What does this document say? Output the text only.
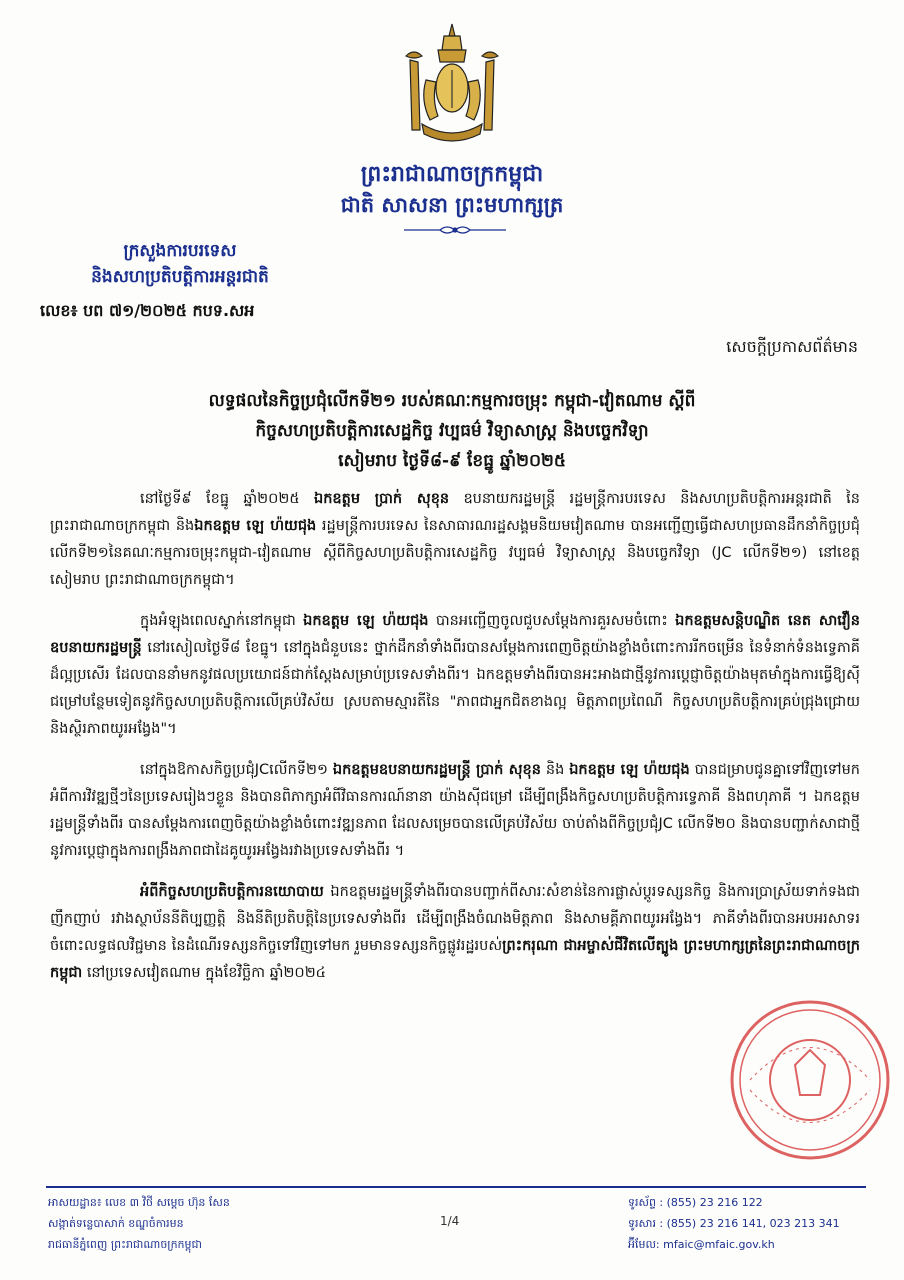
ព្រះរាជាណាចក្រកម្ពុជា
ជាតិ សាសនា ព្រះមហាក្សត្រ
ក្រសួងការបរទេស
និងសហប្រតិបត្តិការអន្តរជាតិ
លេខ៖ បព ៧១/២០២៥ កបទ.សអ
សេចក្តីប្រកាសព័ត៌មាន
លទ្ធផលនៃកិច្ចប្រជុំលើកទី២១ របស់គណៈកម្មការចម្រុះ កម្ពុជា-វៀតណាម ស្តីពី
កិច្ចសហប្រតិបត្តិការសេដ្ឋកិច្ច វប្បធម៌ វិទ្យាសាស្ត្រ និងបច្ចេកវិទ្យា
សៀមរាប ថ្ងៃទី៨-៩ ខែធ្នូ ឆ្នាំ២០២៥

នៅថ្ងៃទី៩ ខែធ្នូ ឆ្នាំ២០២៥ ឯកឧត្តម ប្រាក់ សុខុន ឧបនាយករដ្ឋមន្ត្រី រដ្ឋមន្ត្រីការបរទេស និងសហប្រតិបត្តិការអន្តរជាតិ នៃព្រះរាជាណាចក្រកម្ពុជា និងឯកឧត្តម ឡេ ហ៉យជុង រដ្ឋមន្ត្រីការបរទេស នៃសាធារណរដ្ឋសង្គមនិយមវៀតណាម បានអញ្ជើញធ្វើជាសហប្រធានដឹកនាំកិច្ចប្រជុំលើកទី២១នៃគណៈកម្មការចម្រុះកម្ពុជា-វៀតណាម ស្តីពីកិច្ចសហប្រតិបត្តិការសេដ្ឋកិច្ច វប្បធម៌ វិទ្យាសាស្ត្រ និងបច្ចេកវិទ្យា (JC លើកទី២១) នៅខេត្តសៀមរាប ព្រះរាជាណាចក្រកម្ពុជា។

ក្នុងអំឡុងពេលស្នាក់នៅកម្ពុជា ឯកឧត្តម ឡេ ហ៉យជុង បានអញ្ជើញចូលជួបសម្តែងការគួរសមចំពោះ ឯកឧត្តមសន្តិបណ្ឌិត នេត សាវឿន ឧបនាយករដ្ឋមន្ត្រី នៅរសៀលថ្ងៃទី៨ ខែធ្នូ។ នៅក្នុងជំនួបនេះ ថ្នាក់ដឹកនាំទាំងពីរបានសម្តែងការពេញចិត្តយ៉ាងខ្លាំងចំពោះការរីកចម្រើន នៃទំនាក់ទំនងទ្វេភាគីដ៏ល្អប្រសើរ ដែលបាននាំមកនូវផលប្រយោជន៍ជាក់ស្តែងសម្រាប់ប្រទេសទាំងពីរ។ ឯកឧត្តមទាំងពីរបានអះអាងជាថ្មីនូវការប្តេជ្ញាចិត្តយ៉ាងមុតមាំក្នុងការធ្វើឱ្យស៊ីជម្រៅបន្ថែមទៀតនូវកិច្ចសហប្រតិបត្តិការលើគ្រប់វិស័យ ស្របតាមស្មារតីនៃ "ភាពជាអ្នកជិតខាងល្អ មិត្តភាពប្រពៃណី កិច្ចសហប្រតិបត្តិការគ្រប់ជ្រុងជ្រោយ និងស្ថិរភាពយូរអង្វែង"។

នៅក្នុងឱកាសកិច្ចប្រជុំJCលើកទី២១ ឯកឧត្តមឧបនាយករដ្ឋមន្ត្រី ប្រាក់ សុខុន និង ឯកឧត្តម ឡេ ហ៉យជុង បានជម្រាបជូនគ្នាទៅវិញទៅមកអំពីការវិវឌ្ឍថ្មីៗនៃប្រទេសរៀងៗខ្លួន និងបានពិភាក្សាអំពីវិធានការណ៍នានា យ៉ាងស៊ីជម្រៅ ដើម្បីពង្រឹងកិច្ចសហប្រតិបត្តិការទ្វេភាគី និងពហុភាគី ។ ឯកឧត្តម រដ្ឋមន្ត្រីទាំងពីរ បានសម្តែងការពេញចិត្តយ៉ាងខ្លាំងចំពោះវឌ្ឍនភាព ដែលសម្រេចបានលើគ្រប់វិស័យ ចាប់តាំងពីកិច្ចប្រជុំJC លើកទី២០ និងបានបញ្ជាក់សាជាថ្មីនូវការប្តេជ្ញាក្នុងការពង្រឹងភាពជាដៃគូយូរអង្វែងរវាងប្រទេសទាំងពីរ ។

អំពីកិច្ចសហប្រតិបត្តិការនយោបាយ ឯកឧត្តមរដ្ឋមន្ត្រីទាំងពីរបានបញ្ជាក់ពីសារៈសំខាន់នៃការផ្លាស់ប្តូរទស្សនកិច្ច និងការប្រាស្រ័យទាក់ទងជាញឹកញាប់ រវាងស្ថាប័ននីតិប្បញ្ញត្តិ និងនីតិប្រតិបត្តិនៃប្រទេសទាំងពីរ ដើម្បីពង្រឹងចំណងមិត្តភាព និងសាមគ្គីភាពយូរអង្វែង។ ភាគីទាំងពីរបានអបអរសាទរចំពោះលទ្ធផលវិជ្ជមាន នៃដំណើរទស្សនកិច្ចទៅវិញទៅមក រួមមានទស្សនកិច្ចផ្លូវរដ្ឋរបស់ព្រះករុណា ជាអម្ចាស់ជីវិតលើត្បូង ព្រះមហាក្សត្រនៃព្រះរាជាណាចក្រកម្ពុជា នៅប្រទេសវៀតណាម ក្នុងខែវិច្ឆិកា ឆ្នាំ២០២៤

អាសយដ្ឋាន៖ លេខ ៣ វិថី សម្តេច ហ៊ុន សែន
សង្កាត់ទន្លេបាសាក់ ខណ្ឌចំការមន
រាជធានីភ្នំពេញ ព្រះរាជាណាចក្រកម្ពុជា
1/4
ទូរស័ព្ទ : (855) 23 216 122
ទូរសារ : (855) 23 216 141, 023 213 341
អ៊ីមែល: mfaic@mfaic.gov.kh
